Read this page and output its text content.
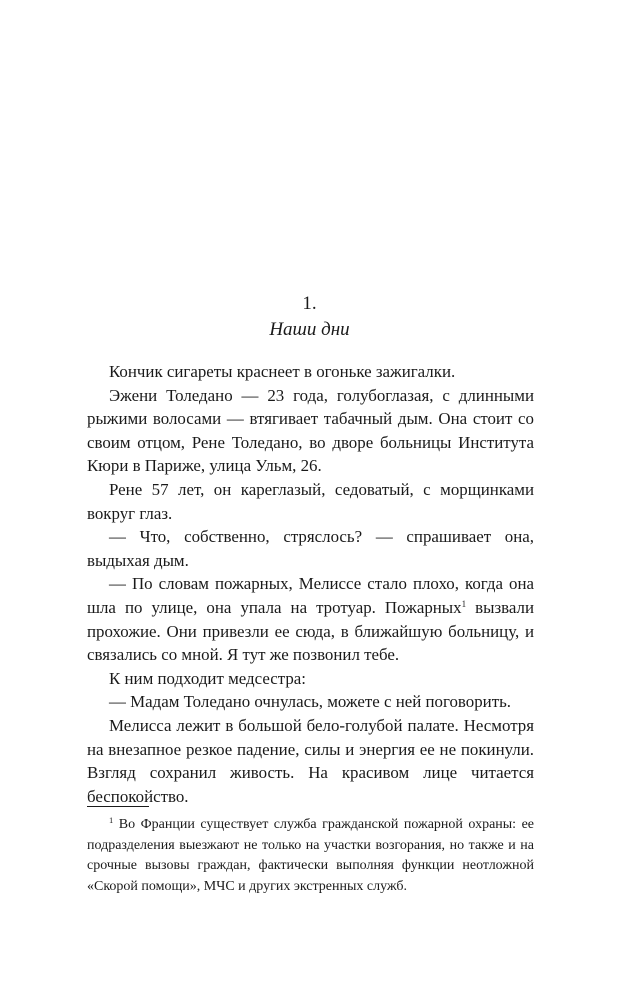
1.
Наши дни

Кончик сигареты краснеет в огоньке зажигалки.

Эжени Толедано — 23 года, голубоглазая, с длинными рыжими волосами — втягивает табачный дым. Она стоит со своим отцом, Рене Толедано, во дворе больницы Института Кюри в Париже, улица Ульм, 26.

Рене 57 лет, он кареглазый, седоватый, с морщинками вокруг глаз.

— Что, собственно, стряслось? — спрашивает она, выдыхая дым.

— По словам пожарных, Мелиссе стало плохо, когда она шла по улице, она упала на тротуар. Пожарных$^1$ вызвали прохожие. Они привезли ее сюда, в ближайшую больницу, и связались со мной. Я тут же позвонил тебе.

К ним подходит медсестра:

— Мадам Толедано очнулась, можете с ней поговорить.

Мелисса лежит в большой бело-голубой палате. Несмотря на внезапное резкое падение, силы и энергия ее не покинули. Взгляд сохранил живость. На красивом лице читается беспокойство.

$^1$ Во Франции существует служба гражданской пожарной охраны: ее подразделения выезжают не только на участки возгорания, но также и на срочные вызовы граждан, фактически выполняя функции неотложной «Скорой помощи», МЧС и других экстренных служб.
